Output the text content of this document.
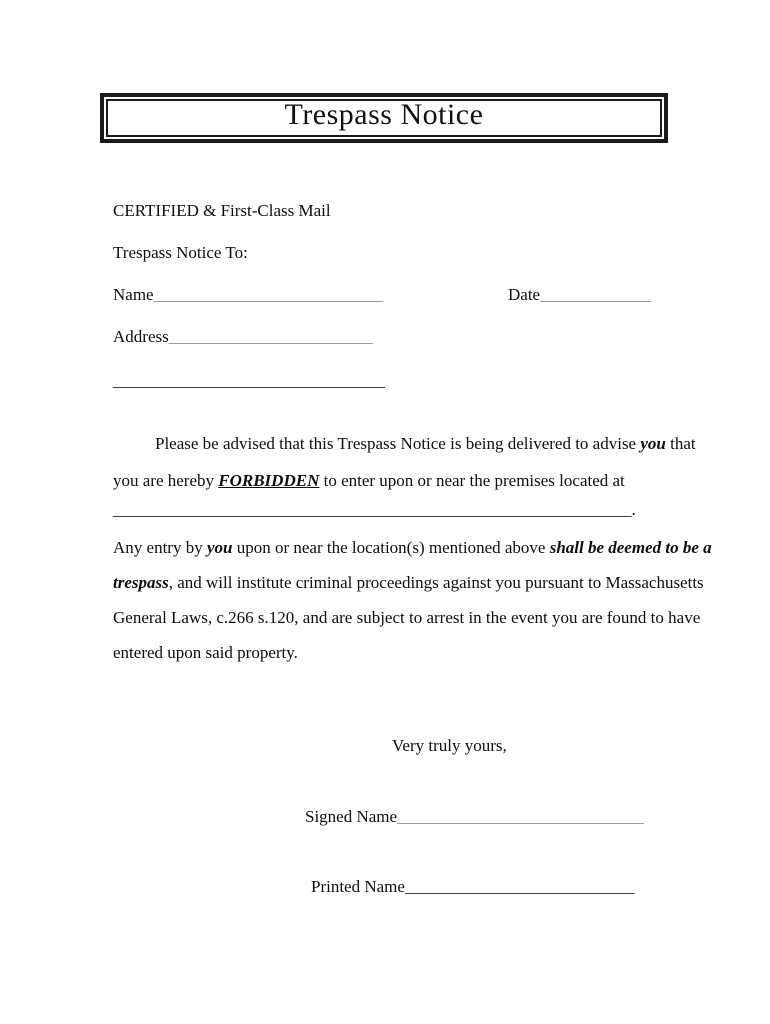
Trespass Notice
CERTIFIED & First-Class Mail
Trespass Notice To:
Name___________________________	Date_____________
Address________________________
________________________________
Please be advised that this Trespass Notice is being delivered to advise you that
you are hereby FORBIDDEN to enter upon or near the premises located at
_____________________________________________________________.
Any entry by you upon or near the location(s) mentioned above shall be deemed to be a
trespass, and will institute criminal proceedings against you pursuant to Massachusetts
General Laws, c.266 s.120, and are subject to arrest in the event you are found to have
entered upon said property.
Very truly yours,
Signed Name_____________________________
Printed Name___________________________
